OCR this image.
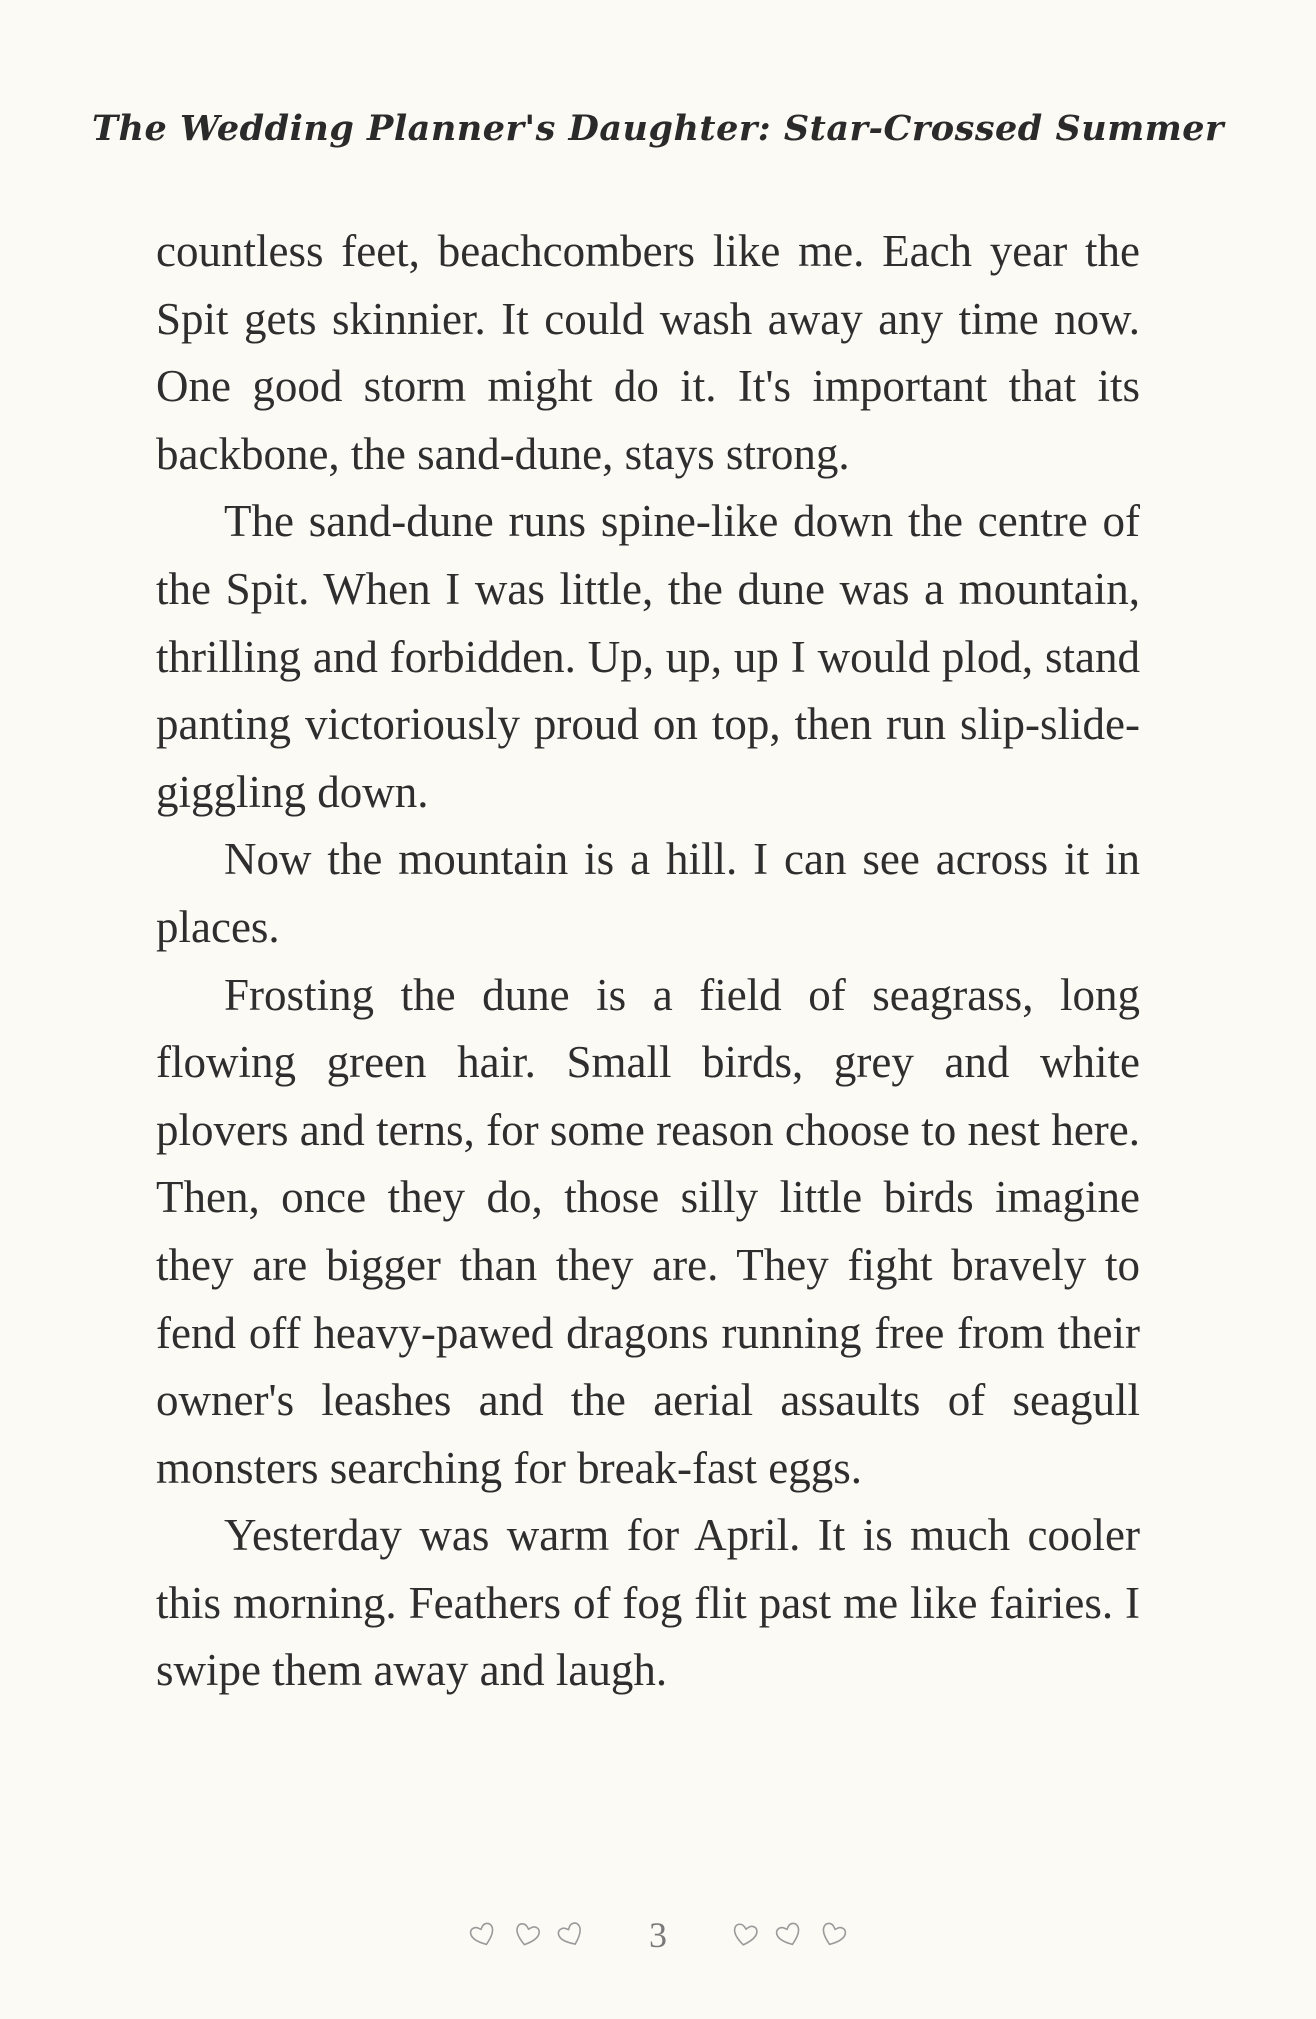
The Wedding Planner's Daughter: Star-Crossed Summer

countless feet, beachcombers like me. Each year the Spit gets skinnier. It could wash away any time now. One good storm might do it. It's important that its backbone, the sand-dune, stays strong.

The sand-dune runs spine-like down the centre of the Spit. When I was little, the dune was a mountain, thrilling and forbidden. Up, up, up I would plod, stand panting victoriously proud on top, then run slip-slide-giggling down.

Now the mountain is a hill. I can see across it in places.

Frosting the dune is a field of seagrass, long flowing green hair. Small birds, grey and white plovers and terns, for some reason choose to nest here. Then, once they do, those silly little birds imagine they are bigger than they are. They fight bravely to fend off heavy-pawed dragons running free from their owner's leashes and the aerial assaults of seagull monsters searching for break-fast eggs.

Yesterday was warm for April. It is much cooler this morning. Feathers of fog flit past me like fairies. I swipe them away and laugh.

3
